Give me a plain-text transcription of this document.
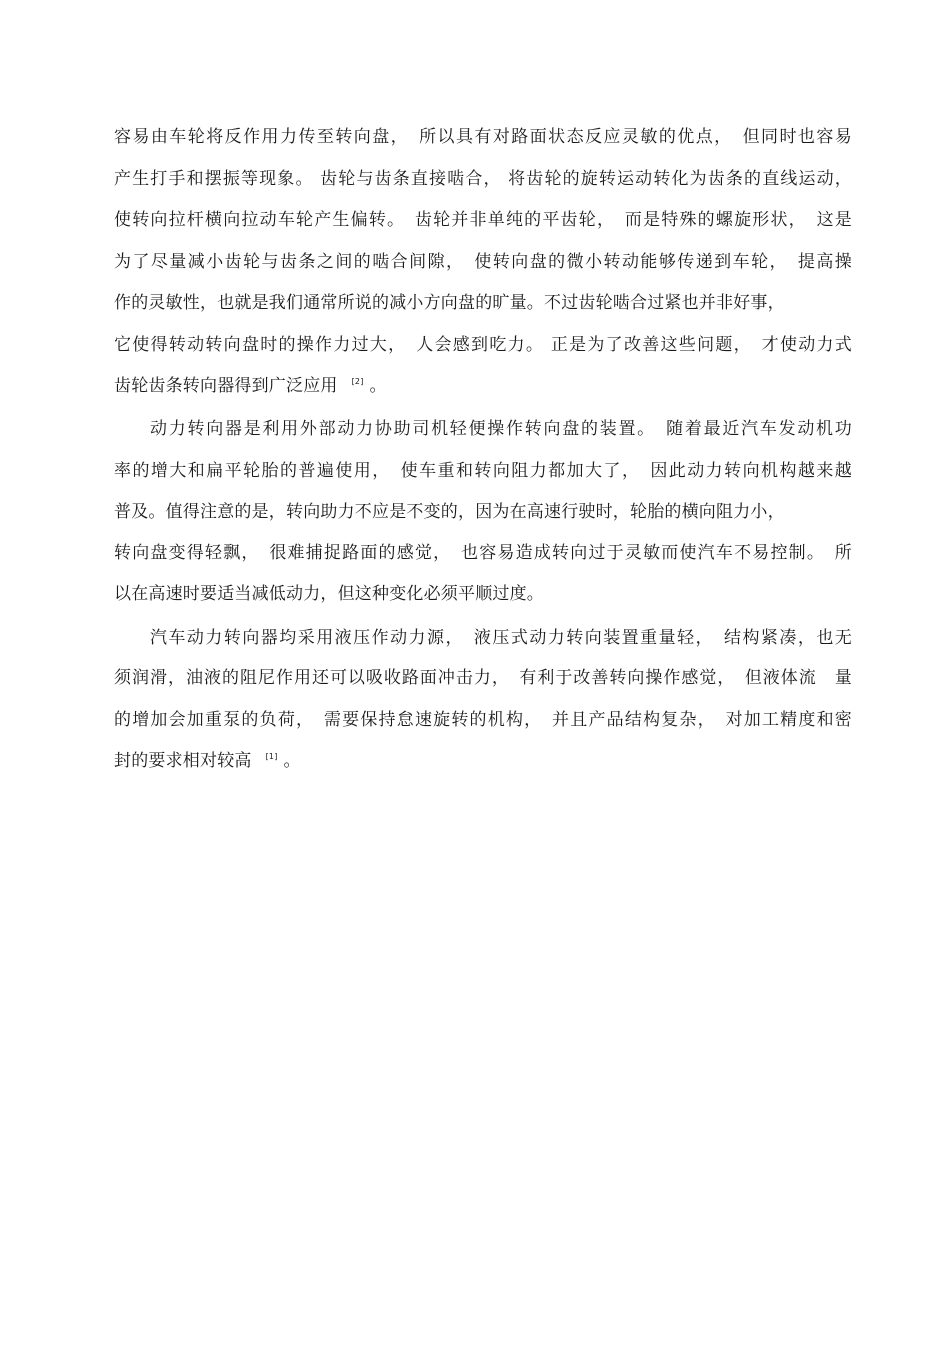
容易由车轮将反作用力传至转向盘，　所以具有对路面状态反应灵敏的优点，　但同时也容易
产生打手和摆振等现象。 齿轮与齿条直接啮合， 将齿轮的旋转运动转化为齿条的直线运动，
使转向拉杆横向拉动车轮产生偏转。　齿轮并非单纯的平齿轮，　而是特殊的螺旋形状，　这是
为了尽量减小齿轮与齿条之间的啮合间隙，　使转向盘的微小转动能够传递到车轮，　提高操
作的灵敏性，也就是我们通常所说的减小方向盘的旷量。不过齿轮啮合过紧也并非好事，
它使得转动转向盘时的操作力过大，　人会感到吃力。 正是为了改善这些问题，　才使动力式
齿轮齿条转向器得到广泛应用 [2] 。
动力转向器是利用外部动力协助司机轻便操作转向盘的装置。　随着最近汽车发动机功
率的增大和扁平轮胎的普遍使用，　使车重和转向阻力都加大了，　因此动力转向机构越来越
普及。值得注意的是，转向助力不应是不变的，因为在高速行驶时，轮胎的横向阻力小，
转向盘变得轻飘，　很难捕捉路面的感觉，　也容易造成转向过于灵敏而使汽车不易控制。　所
以在高速时要适当减低动力，但这种变化必须平顺过度。
汽车动力转向器均采用液压作动力源，　液压式动力转向装置重量轻，　结构紧凑，也无
须润滑，油液的阻尼作用还可以吸收路面冲击力，　有利于改善转向操作感觉，　但液体流　量
的增加会加重泵的负荷，　需要保持怠速旋转的机构，　并且产品结构复杂，　对加工精度和密
封的要求相对较高 [1] 。
